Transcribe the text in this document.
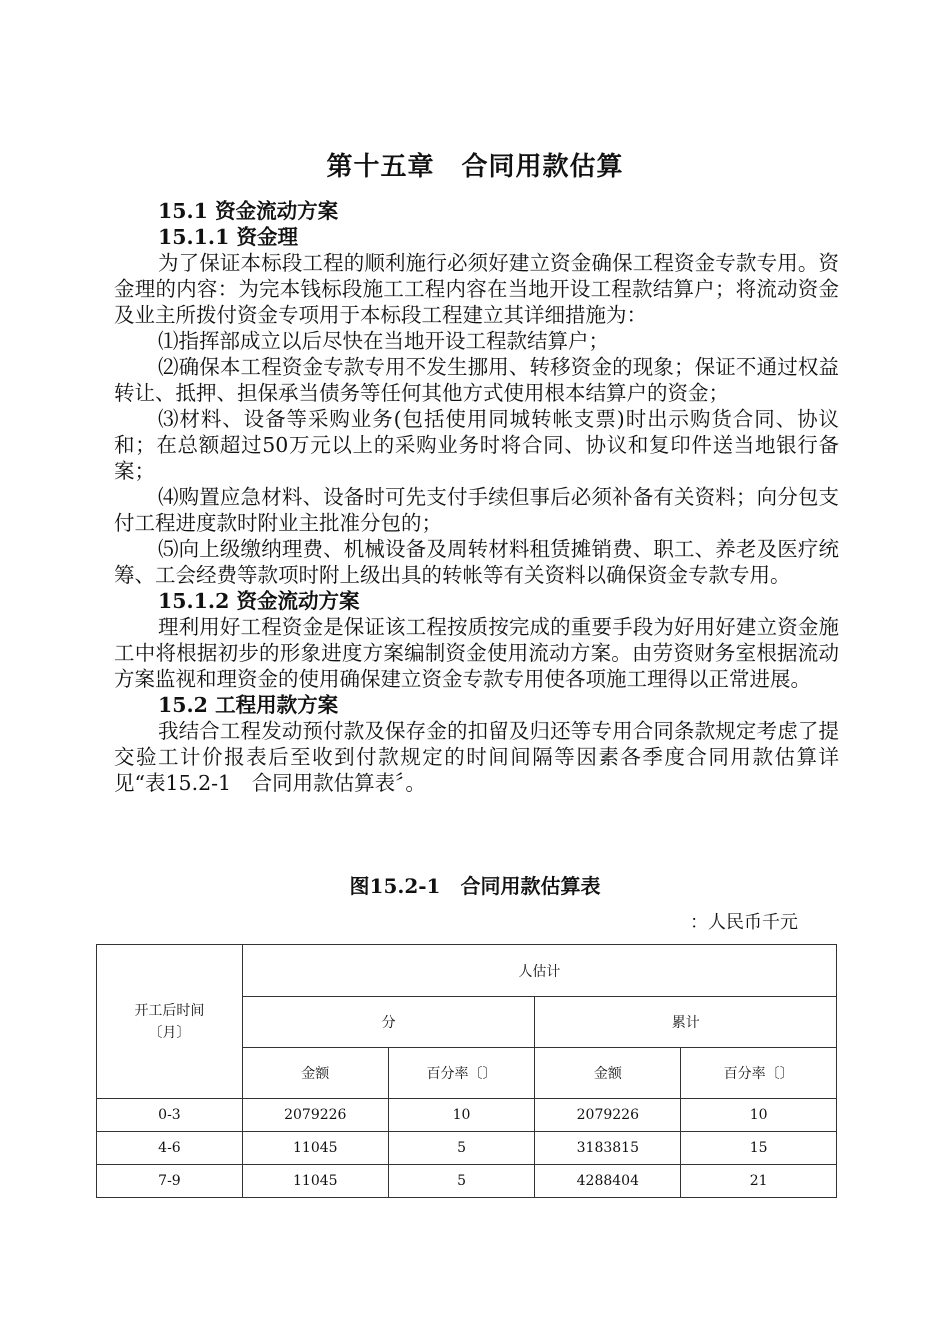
第十五章　合同用款估算
15.1 资金流动方案
15.1.1 资金理

为了保证本标段工程的顺利施行必须好建立资金确保工程资金专款专用。资金理的内容：为完本钱标段施工工程内容在当地开设工程款结算户；将流动资金及业主所拨付资金专项用于本标段工程建立其详细措施为：

⑴指挥部成立以后尽快在当地开设工程款结算户；

⑵确保本工程资金专款专用不发生挪用、转移资金的现象；保证不通过权益转让、抵押、担保承当债务等任何其他方式使用根本结算户的资金；

⑶材料、设备等采购业务(包括使用同城转帐支票)时出示购货合同、协议和；在总额超过50万元以上的采购业务时将合同、协议和复印件送当地银行备案；

⑷购置应急材料、设备时可先支付手续但事后必须补备有关资料；向分包支付工程进度款时附业主批准分包的；

⑸向上级缴纳理费、机械设备及周转材料租赁摊销费、职工、养老及医疗统筹、工会经费等款项时附上级出具的转帐等有关资料以确保资金专款专用。

15.1.2 资金流动方案

理利用好工程资金是保证该工程按质按完成的重要手段为好用好建立资金施工中将根据初步的形象进度方案编制资金使用流动方案。由劳资财务室根据流动方案监视和理资金的使用确保建立资金专款专用使各项施工理得以正常进展。

15.2 工程用款方案

我结合工程发动预付款及保存金的扣留及归还等专用合同条款规定考虑了提交验工计价报表后至收到付款规定的时间间隔等因素各季度合同用款估算详见“表15.2-1　合同用款估算表〞。

图15.2-1　合同用款估算表
：人民币千元
开工后时间〔月〕	人估计			
	分		累计	
	金额	百分率〔〕	金额	百分率〔〕
0-3	2079226	10	2079226	10
4-6	11045	5	3183815	15
7-9	11045	5	4288404	21
